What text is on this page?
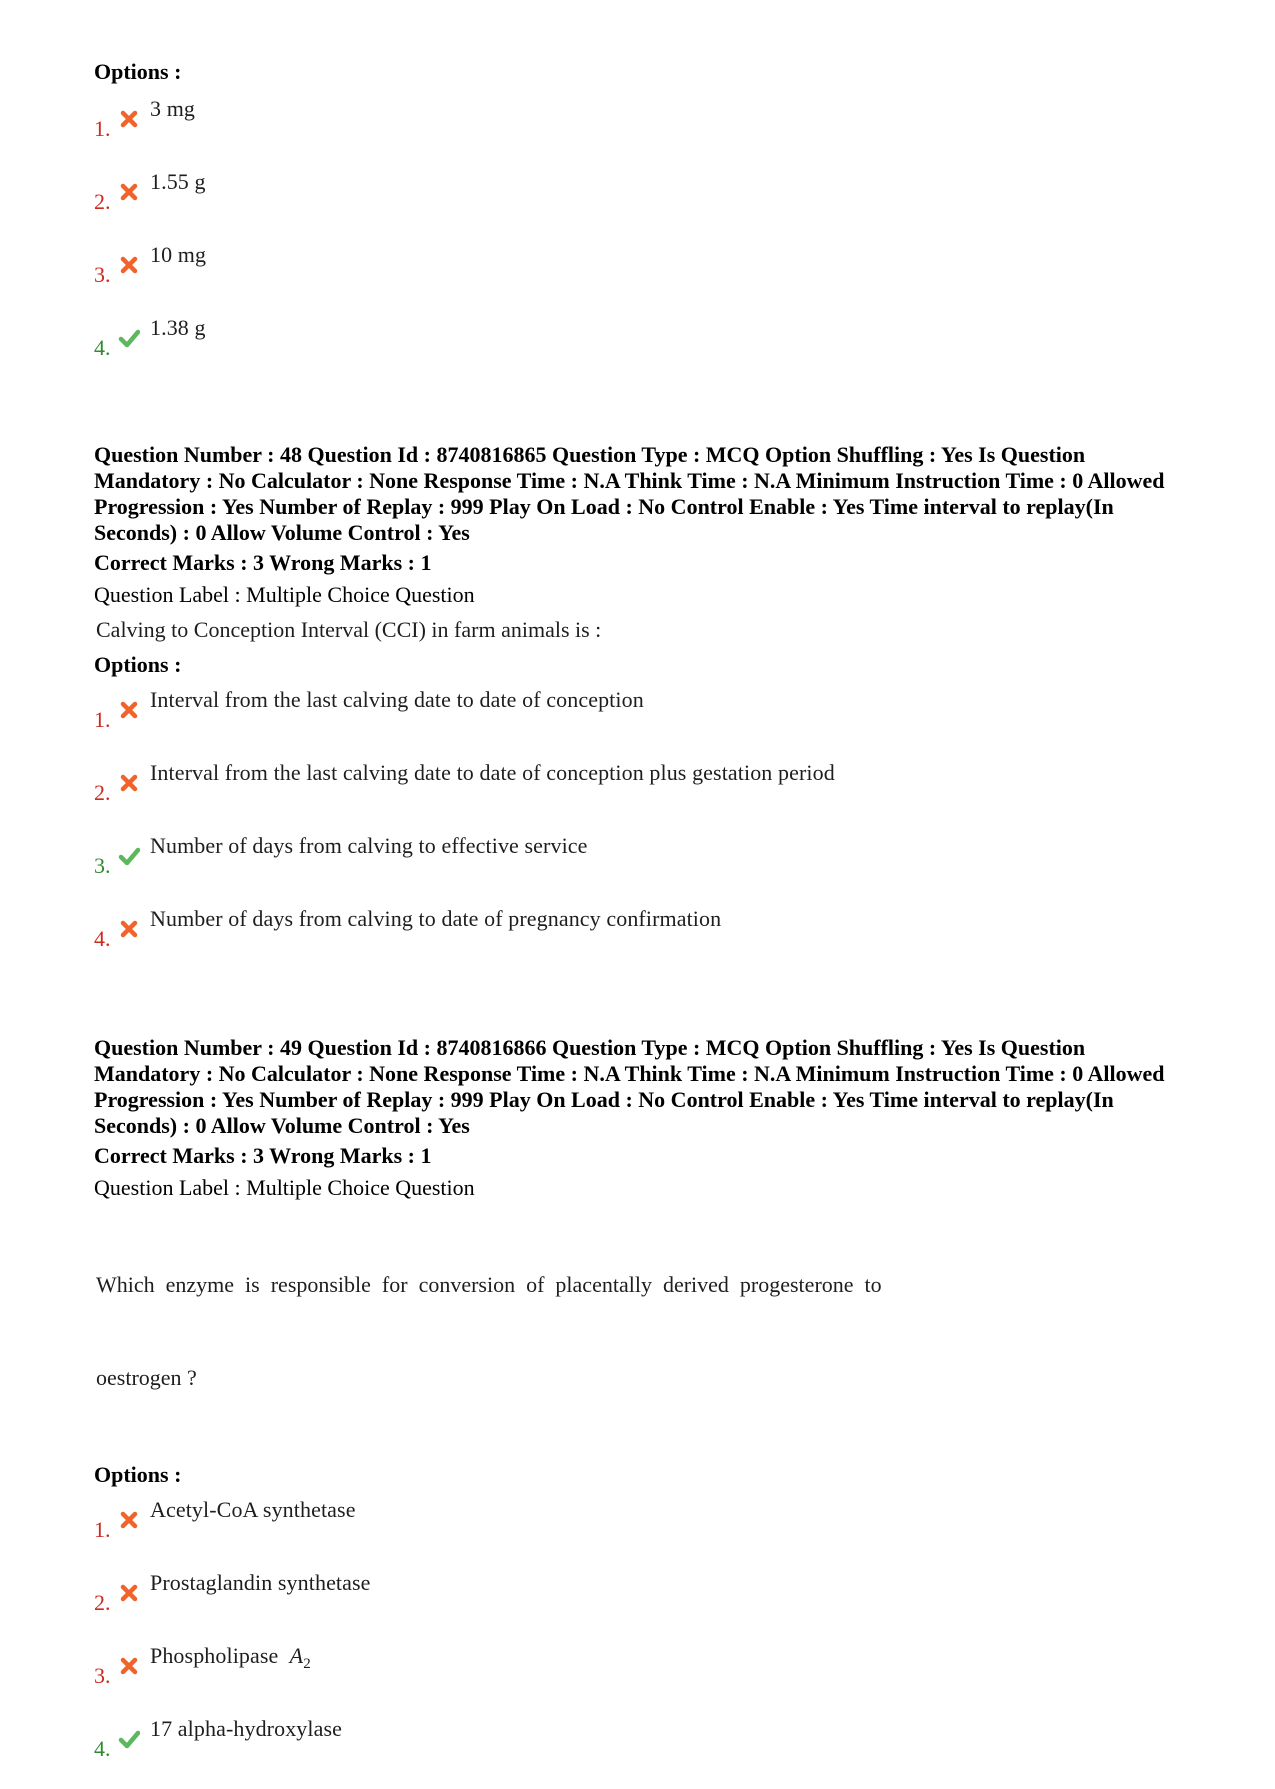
Options :
1.
3 mg
2.
1.55 g
3.
10 mg
4.
1.38 g
Question Number : 48 Question Id : 8740816865 Question Type : MCQ Option Shuffling : Yes Is Question Mandatory : No Calculator : None Response Time : N.A Think Time : N.A Minimum Instruction Time : 0 Allowed Progression : Yes Number of Replay : 999 Play On Load : No Control Enable : Yes Time interval to replay(In Seconds) : 0 Allow Volume Control : Yes
Correct Marks : 3 Wrong Marks : 1
Question Label : Multiple Choice Question
Calving to Conception Interval (CCI) in farm animals is :
Options :
1.
Interval from the last calving date to date of conception
2.
Interval from the last calving date to date of conception plus gestation period
3.
Number of days from calving to effective service
4.
Number of days from calving to date of pregnancy confirmation
Question Number : 49 Question Id : 8740816866 Question Type : MCQ Option Shuffling : Yes Is Question Mandatory : No Calculator : None Response Time : N.A Think Time : N.A Minimum Instruction Time : 0 Allowed Progression : Yes Number of Replay : 999 Play On Load : No Control Enable : Yes Time interval to replay(In Seconds) : 0 Allow Volume Control : Yes
Correct Marks : 3 Wrong Marks : 1
Question Label : Multiple Choice Question

Which  enzyme  is  responsible  for  conversion  of  placentally  derived  progesterone  to

oestrogen ?

Options :
1.
Acetyl-CoA synthetase
2.
Prostaglandin synthetase
3.
Phospholipase $A_2$
4.
17 alpha-hydroxylase
